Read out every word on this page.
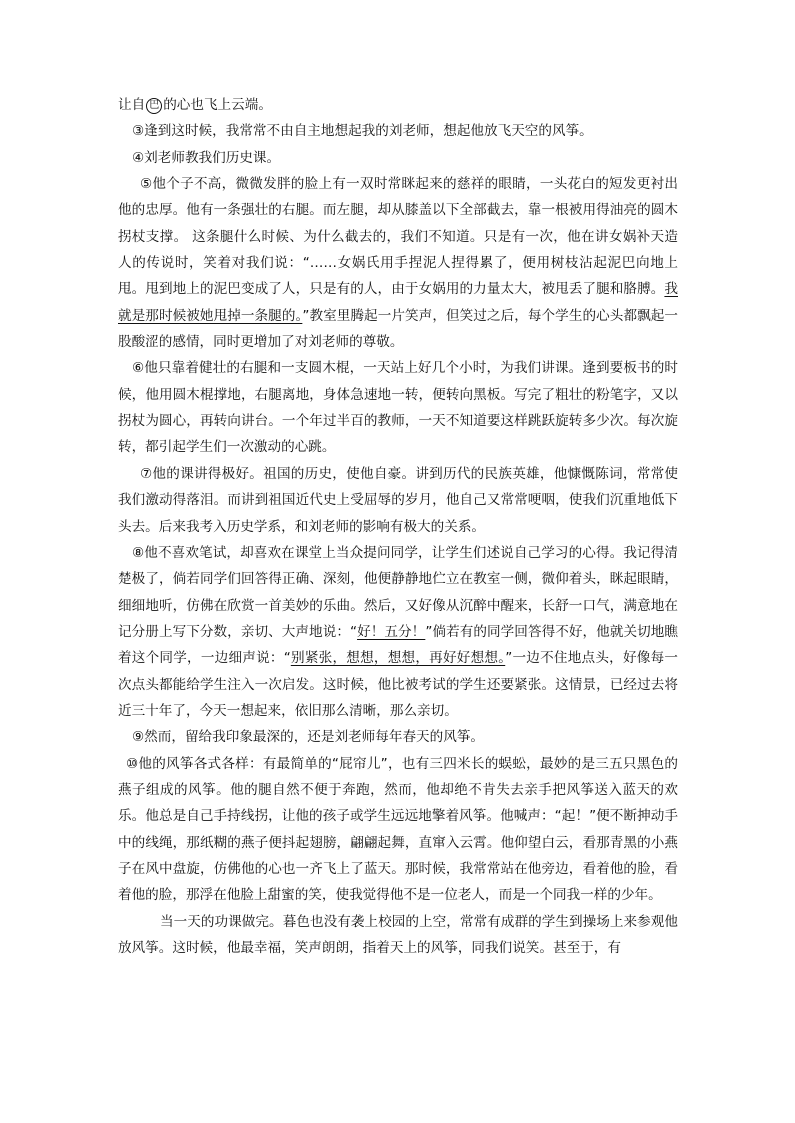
让自 巴 的心也飞上云端。

③逢到这时候，我常常不由自主地想起我的刘老师，想起他放飞天空的风筝。

④刘老师教我们历史课。

⑤他个子不高，微微发胖的脸上有一双时常眯起来的慈祥的眼睛，一头花白的短发更衬出他的忠厚。他有一条强壮的右腿。而左腿，却从膝盖以下全部截去，靠一根被用得油亮的圆木拐杖支撑。 这条腿什么时候、为什么截去的，我们不知道。只是有一次，他在讲女娲补天造人的传说时，笑着对我们说：“……女娲氏用手捏泥人捏得累了，便用树枝沾起泥巴向地上甩。甩到地上的泥巴变成了人，只是有的人，由于女娲用的力量太大，被甩丢了腿和胳膊。我就是那时候被她甩掉一条腿的。”教室里腾起一片笑声，但笑过之后，每个学生的心头都飘起一股酸涩的感情，同时更增加了对刘老师的尊敬。

⑥他只靠着健壮的右腿和一支圆木棍，一天站上好几个小时，为我们讲课。逢到要板书的时候，他用圆木棍撑地，右腿离地，身体急速地一转，便转向黑板。写完了粗壮的粉笔字，又以拐杖为圆心，再转向讲台。一个年过半百的教师，一天不知道要这样跳跃旋转多少次。每次旋转，都引起学生们一次激动的心跳。

⑦他的课讲得极好。祖国的历史，使他自豪。讲到历代的民族英雄，他慷慨陈词，常常使我们激动得落泪。而讲到祖国近代史上受屈辱的岁月，他自己又常常哽咽，使我们沉重地低下头去。后来我考入历史学系，和刘老师的影响有极大的关系。

⑧他不喜欢笔试，却喜欢在课堂上当众提问同学，让学生们述说自己学习的心得。我记得清楚极了，倘若同学们回答得正确、深刻，他便静静地伫立在教室一侧，微仰着头，眯起眼睛，细细地听，仿佛在欣赏一首美妙的乐曲。然后，又好像从沉醉中醒来，长舒一口气，满意地在记分册上写下分数，亲切、大声地说：“好！五分！”倘若有的同学回答得不好，他就关切地瞧着这个同学，一边细声说：“别紧张，想想，想想，再好好想想。”一边不住地点头，好像每一次点头都能给学生注入一次启发。这时候，他比被考试的学生还要紧张。这情景，已经过去将近三十年了，今天一想起来，依旧那么清晰，那么亲切。

⑨然而，留给我印象最深的，还是刘老师每年春天的风筝。

⑩他的风筝各式各样：有最简单的“屁帘儿”，也有三四米长的蜈蚣，最妙的是三五只黑色的燕子组成的风筝。他的腿自然不便于奔跑，然而，他却绝不肯失去亲手把风筝送入蓝天的欢乐。他总是自己手持线拐，让他的孩子或学生远远地擎着风筝。他喊声：“起！”便不断抻动手中的线绳，那纸糊的燕子便抖起翅膀，翩翩起舞，直窜入云霄。他仰望白云，看那青黑的小燕子在风中盘旋，仿佛他的心也一齐飞上了蓝天。那时候，我常常站在他旁边，看着他的脸，看着他的脸，那浮在他脸上甜蜜的笑，使我觉得他不是一位老人，而是一个同我一样的少年。

当一天的功课做完。暮色也没有袭上校园的上空，常常有成群的学生到操场上来参观他放风筝。这时候，他最幸福，笑声朗朗，指着天上的风筝，同我们说笑。甚至于，有
